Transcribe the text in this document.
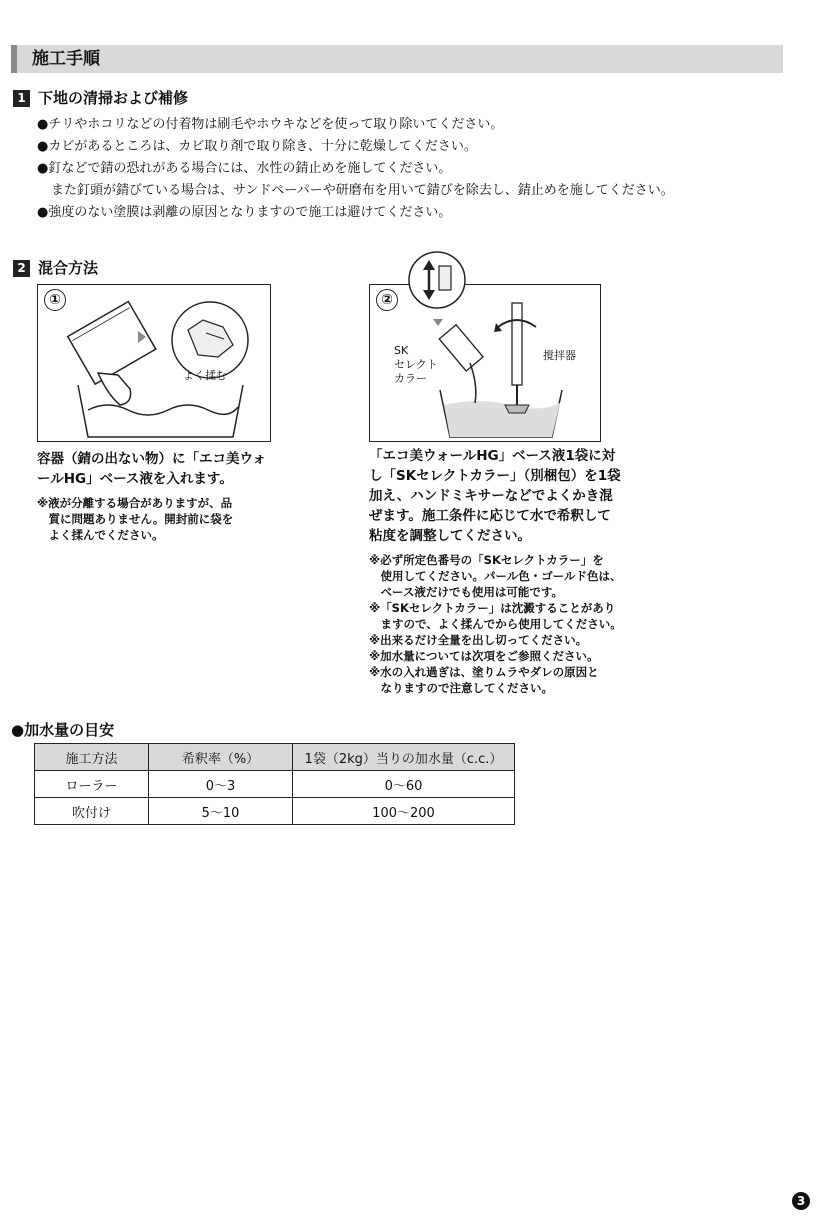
施工手順
1 下地の清掃および補修
●チリやホコリなどの付着物は刷毛やホウキなどを使って取り除いてください。
●カビがあるところは、カビ取り剤で取り除き、十分に乾燥してください。
●釘などで錆の恐れがある場合には、水性の錆止めを施してください。
また釘頭が錆びている場合は、サンドペーパーや研磨布を用いて錆びを除去し、錆止めを施してください。
●強度のない塗膜は剥離の原因となりますので施工は避けてください。
2 混合方法
①
よく揉む
②
SK
セレクト
カラー
撹拌器
容器（錆の出ない物）に「エコ美ウォ
ールHG」ベース液を入れます。
※液が分離する場合がありますが、品
　質に問題ありません。開封前に袋を
　よく揉んでください。
「エコ美ウォールHG」ベース液1袋に対
し「SKセレクトカラー」（別梱包）を1袋
加え、ハンドミキサーなどでよくかき混
ぜます。施工条件に応じて水で希釈して
粘度を調整してください。
※必ず所定色番号の「SKセレクトカラー」を
　使用してください。パール色・ゴールド色は、
　ベース液だけでも使用は可能です。
※「SKセレクトカラー」は沈澱することがあり
　ますので、よく揉んでから使用してください。
※出来るだけ全量を出し切ってください。
※加水量については次項をご参照ください。
※水の入れ過ぎは、塗りムラやダレの原因と
　なりますので注意してください。
●加水量の目安
施工方法	希釈率（%）	1袋（2kg）当りの加水量（c.c.）
ローラー	0～3	0～60
吹付け	5～10	100～200
3
